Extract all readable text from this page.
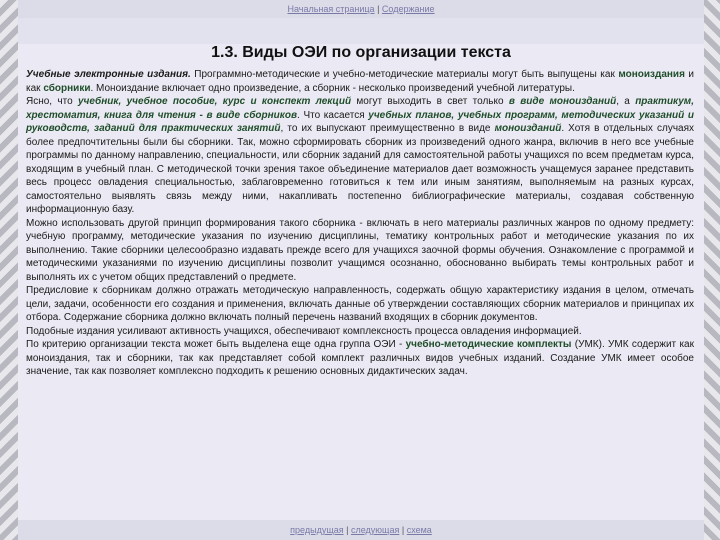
Начальная страница | Содержание
1.3. Виды ОЭИ по организации текста

Учебные электронные издания. Программно-методические и учебно-методические материалы могут быть выпущены как моноиздания и как сборники. Моноиздание включает одно произведение, а сборник - несколько произведений учебной литературы.

Ясно, что учебник, учебное пособие, курс и конспект лекций могут выходить в свет только в виде моноизданий, а практикум, хрестоматия, книга для чтения - в виде сборников. Что касается учебных планов, учебных программ, методических указаний и руководств, заданий для практических занятий, то их выпускают преимущественно в виде моноизданий. Хотя в отдельных случаях более предпочтительны были бы сборники. Так, можно сформировать сборник из произведений одного жанра, включив в него все учебные программы по данному направлению, специальности, или сборник заданий для самостоятельной работы учащихся по всем предметам курса, входящим в учебный план. С методической точки зрения такое объединение материалов дает возможность учащемуся заранее представить весь процесс овладения специальностью, заблаговременно готовиться к тем или иным занятиям, выполняемым на разных курсах, самостоятельно выявлять связь между ними, накапливать постепенно библиографические материалы, создавая собственную информационную базу.

Можно использовать другой принцип формирования такого сборника - включать в него материалы различных жанров по одному предмету: учебную программу, методические указания по изучению дисциплины, тематику контрольных работ и методические указания по их выполнению. Такие сборники целесообразно издавать прежде всего для учащихся заочной формы обучения. Ознакомление с программой и методическими указаниями по изучению дисциплины позволит учащимся осознанно, обоснованно выбирать темы контрольных работ и выполнять их с учетом общих представлений о предмете.

Предисловие к сборникам должно отражать методическую направленность, содержать общую характеристику издания в целом, отмечать цели, задачи, особенности его создания и применения, включать данные об утверждении составляющих сборник материалов и принципах их отбора. Содержание сборника должно включать полный перечень названий входящих в сборник документов.

Подобные издания усиливают активность учащихся, обеспечивают комплексность процесса овладения информацией.

По критерию организации текста может быть выделена еще одна группа ОЭИ - учебно-методические комплекты (УМК). УМК содержит как моноиздания, так и сборники, так как представляет собой комплект различных видов учебных изданий. Создание УМК имеет особое значение, так как позволяет комплексно подходить к решению основных дидактических задач.

предыдущая | следующая | схема
